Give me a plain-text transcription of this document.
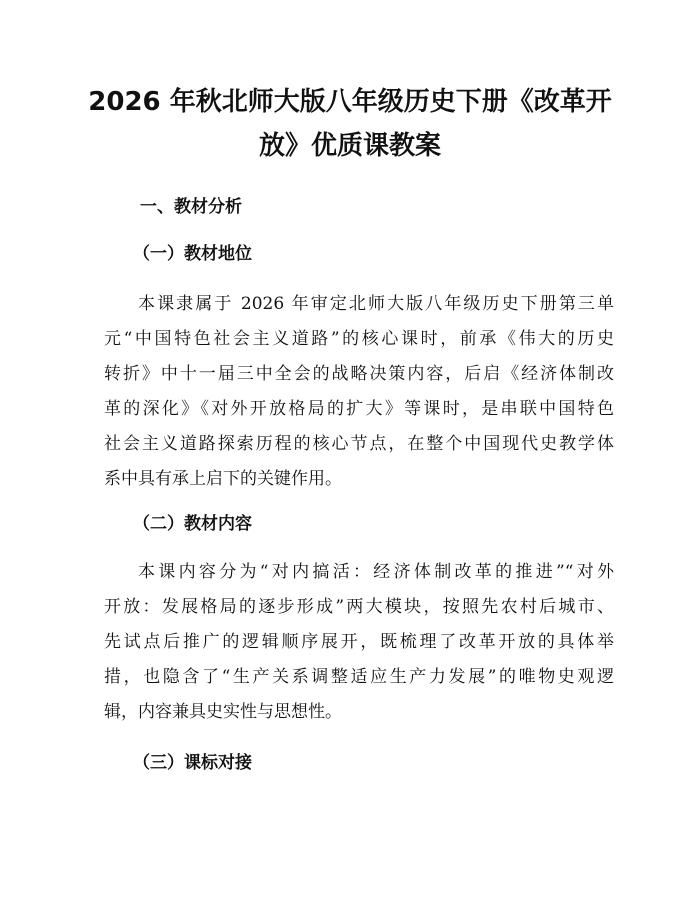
2026 年秋北师大版八年级历史下册《改革开
放》优质课教案
一、教材分析
（一）教材地位
本课隶属于 2026 年审定北师大版八年级历史下册第三单
元“中国特色社会主义道路”的核心课时，前承《伟大的历史
转折》中十一届三中全会的战略决策内容，后启《经济体制改
革的深化》《对外开放格局的扩大》等课时，是串联中国特色
社会主义道路探索历程的核心节点，在整个中国现代史教学体
系中具有承上启下的关键作用。
（二）教材内容
本课内容分为“对内搞活：经济体制改革的推进”“对外
开放：发展格局的逐步形成”两大模块，按照先农村后城市、
先试点后推广的逻辑顺序展开，既梳理了改革开放的具体举
措，也隐含了“生产关系调整适应生产力发展”的唯物史观逻
辑，内容兼具史实性与思想性。
（三）课标对接
